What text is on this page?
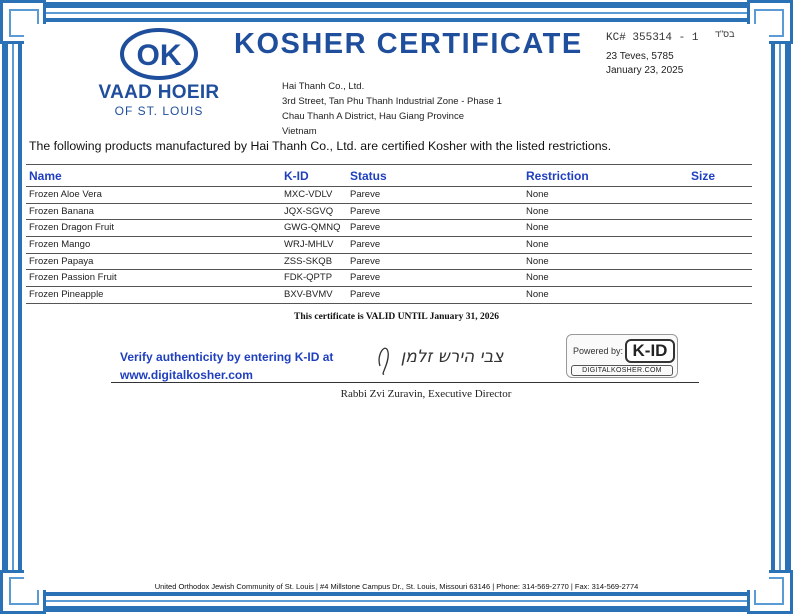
OK
VAAD HOEIR
OF ST. LOUIS
KOSHER CERTIFICATE KC# 355314 - 1 בס"ד
23 Teves, 5785
January 23, 2025
Hai Thanh Co., Ltd.
3rd Street, Tan Phu Thanh Industrial Zone - Phase 1
Chau Thanh A District, Hau Giang Province
Vietnam
The following products manufactured by Hai Thanh Co., Ltd. are certified Kosher with the listed restrictions.
Name	K-ID	Status	Restriction	Size
Frozen Aloe Vera	MXC-VDLV Pareve	None
Frozen Banana	JQX-SGVQ Pareve	None
Frozen Dragon Fruit	GWG-QMNQ Pareve	None
Frozen Mango	WRJ-MHLV Pareve	None
Frozen Papaya	ZSS-SKQB Pareve	None
Frozen Passion Fruit	FDK-QPTP Pareve	None
Frozen Pineapple	BXV-BVMV Pareve	None
This certificate is VALID UNTIL January 31, 2026
Verify authenticity by entering K-ID at
www.digitalkosher.com
צבי הירש זלמן
Rabbi Zvi Zuravin, Executive Director
Powered by: K-ID
DIGITALKOSHER.COM
United Orthodox Jewish Community of St. Louis | #4 Millstone Campus Dr., St. Louis, Missouri 63146 | Phone: 314-569-2770 | Fax: 314-569-2774
